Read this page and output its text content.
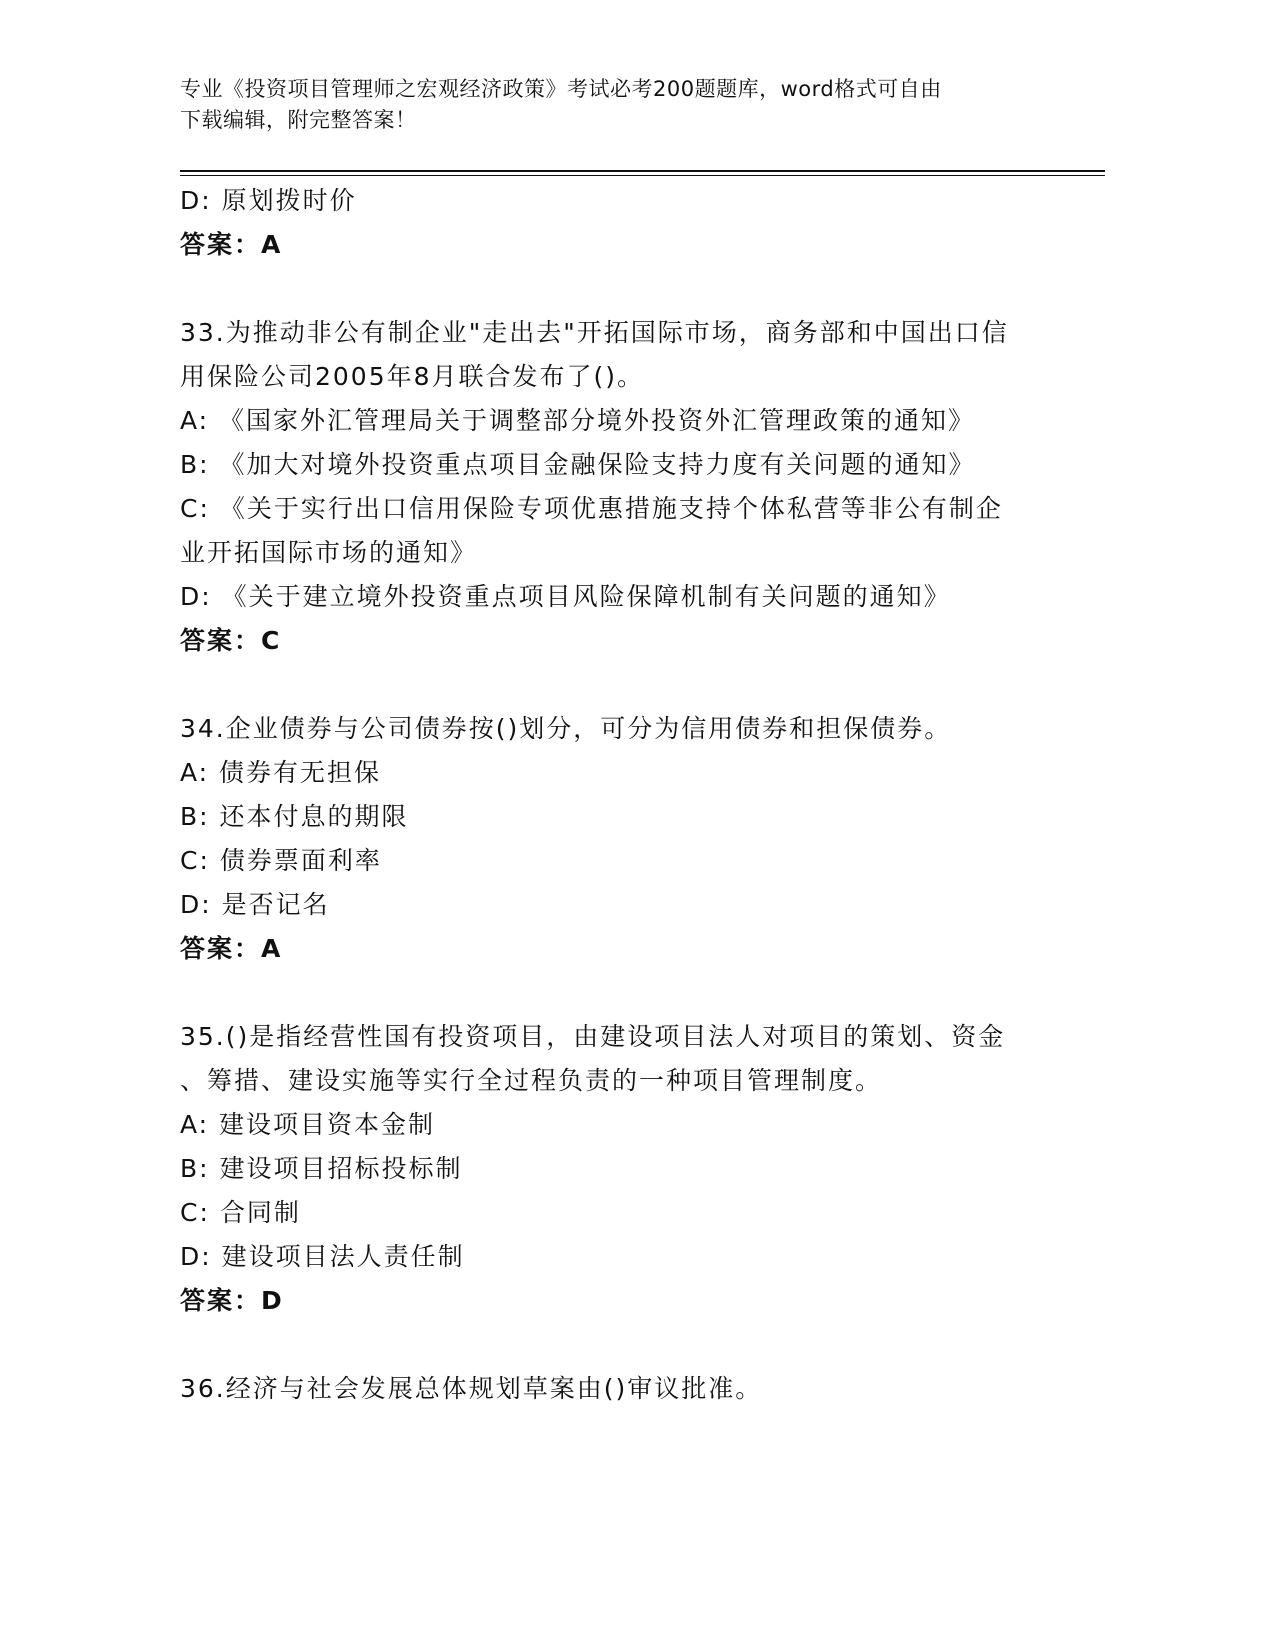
专业《投资项目管理师之宏观经济政策》考试必考200题题库，word格式可自由
下载编辑，附完整答案！
D: 原划拨时价
答案：A
33.为推动非公有制企业"走出去"开拓国际市场，商务部和中国出口信
用保险公司2005年8月联合发布了()。
A: 《国家外汇管理局关于调整部分境外投资外汇管理政策的通知》
B: 《加大对境外投资重点项目金融保险支持力度有关问题的通知》
C: 《关于实行出口信用保险专项优惠措施支持个体私营等非公有制企
业开拓国际市场的通知》
D: 《关于建立境外投资重点项目风险保障机制有关问题的通知》
答案：C
34.企业债券与公司债券按()划分，可分为信用债券和担保债券。
A: 债券有无担保
B: 还本付息的期限
C: 债券票面利率
D: 是否记名
答案：A
35.()是指经营性国有投资项目，由建设项目法人对项目的策划、资金
、筹措、建设实施等实行全过程负责的一种项目管理制度。
A: 建设项目资本金制
B: 建设项目招标投标制
C: 合同制
D: 建设项目法人责任制
答案：D
36.经济与社会发展总体规划草案由()审议批准。
